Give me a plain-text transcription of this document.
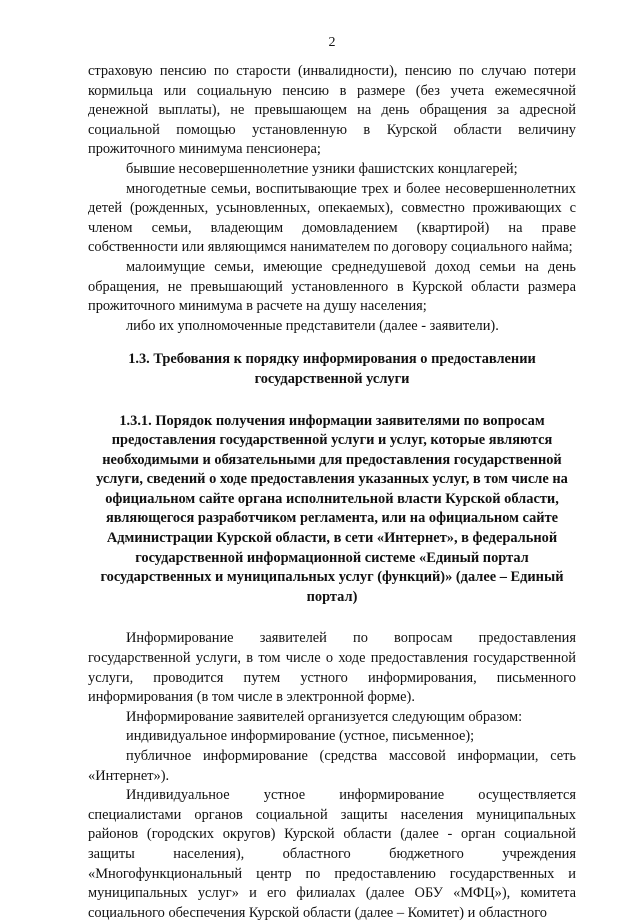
2

страховую пенсию по старости (инвалидности), пенсию по случаю потери кормильца или социальную пенсию в размере (без учета ежемесячной денежной выплаты), не превышающем на день обращения за адресной социальной помощью установленную в Курской области величину прожиточного минимума пенсионера;

бывшие несовершеннолетние узники фашистских концлагерей;

многодетные семьи, воспитывающие трех и более несовершеннолетних детей (рожденных, усыновленных, опекаемых), совместно проживающих с членом семьи, владеющим домовладением (квартирой) на праве собственности или являющимся нанимателем по договору социального найма;

малоимущие семьи, имеющие среднедушевой доход семьи на день обращения, не превышающий установленного в Курской области размера прожиточного минимума в расчете на душу населения;

либо их уполномоченные представители (далее - заявители).

1.3. Требования к порядку информирования о предоставлении государственной услуги
1.3.1. Порядок получения информации заявителями по вопросам предоставления государственной услуги и услуг, которые являются необходимыми и обязательными для предоставления государственной услуги, сведений о ходе предоставления указанных услуг, в том числе на официальном сайте органа исполнительной власти Курской области, являющегося разработчиком регламента, или на официальном сайте Администрации Курской области, в сети «Интернет», в федеральной государственной информационной системе «Единый портал государственных и муниципальных услуг (функций)» (далее – Единый портал)

Информирование заявителей по вопросам предоставления государственной услуги, в том числе о ходе предоставления государственной услуги, проводится путем устного информирования, письменного информирования (в том числе в электронной форме).

Информирование заявителей организуется следующим образом:

индивидуальное информирование (устное, письменное);

публичное информирование (средства массовой информации, сеть «Интернет»).

Индивидуальное устное информирование осуществляется специалистами органов социальной защиты населения муниципальных районов (городских округов) Курской области (далее - орган социальной защиты населения), областного бюджетного учреждения «Многофункциональный центр по предоставлению государственных и муниципальных услуг» и его филиалах (далее ОБУ «МФЦ»), комитета социального обеспечения Курской области (далее – Комитет) и областного
